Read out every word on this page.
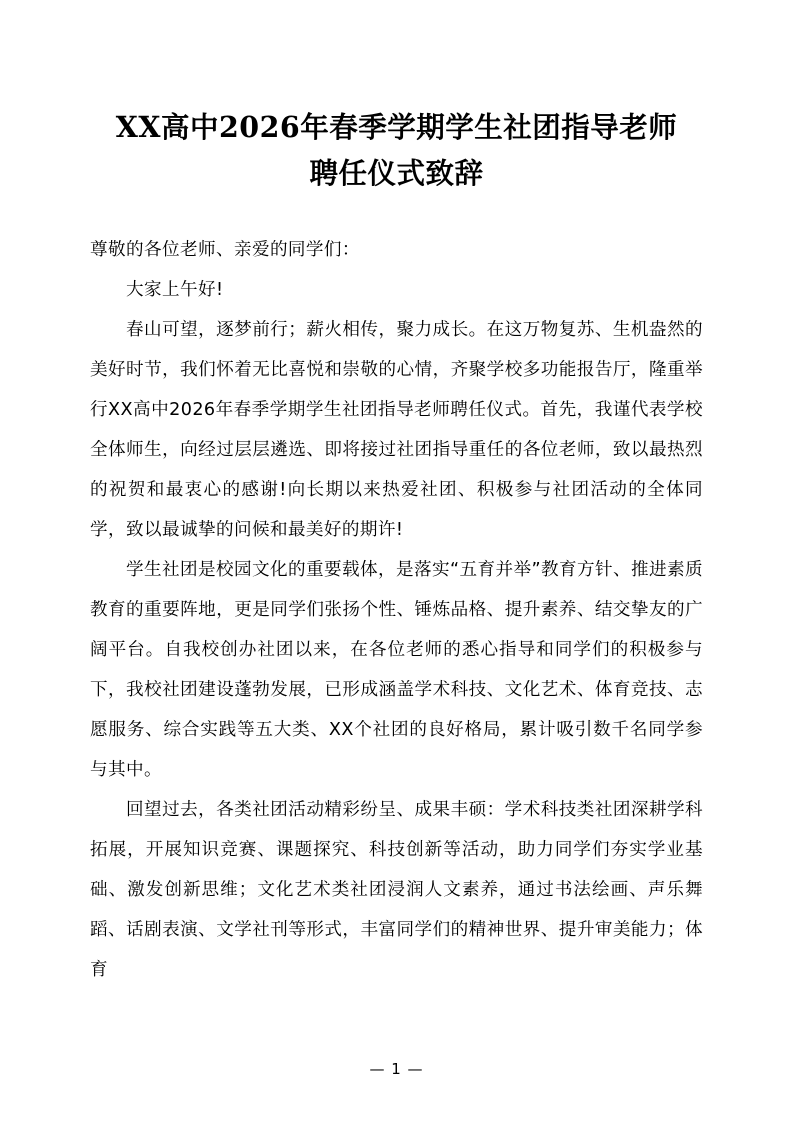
XX高中2026年春季学期学生社团指导老师聘任仪式致辞

尊敬的各位老师、亲爱的同学们：

大家上午好!

春山可望，逐梦前行；薪火相传，聚力成长。在这万物复苏、生机盎然的美好时节，我们怀着无比喜悦和崇敬的心情，齐聚学校多功能报告厅，隆重举行XX高中2026年春季学期学生社团指导老师聘任仪式。首先，我谨代表学校全体师生，向经过层层遴选、即将接过社团指导重任的各位老师，致以最热烈的祝贺和最衷心的感谢!向长期以来热爱社团、积极参与社团活动的全体同学，致以最诚挚的问候和最美好的期许!

学生社团是校园文化的重要载体，是落实“五育并举”教育方针、推进素质教育的重要阵地，更是同学们张扬个性、锤炼品格、提升素养、结交挚友的广阔平台。自我校创办社团以来，在各位老师的悉心指导和同学们的积极参与下，我校社团建设蓬勃发展，已形成涵盖学术科技、文化艺术、体育竞技、志愿服务、综合实践等五大类、XX个社团的良好格局，累计吸引数千名同学参与其中。

回望过去，各类社团活动精彩纷呈、成果丰硕：学术科技类社团深耕学科拓展，开展知识竞赛、课题探究、科技创新等活动，助力同学们夯实学业基础、激发创新思维；文化艺术类社团浸润人文素养，通过书法绘画、声乐舞蹈、话剧表演、文学社刊等形式，丰富同学们的精神世界、提升审美能力；体育

— 1 —
